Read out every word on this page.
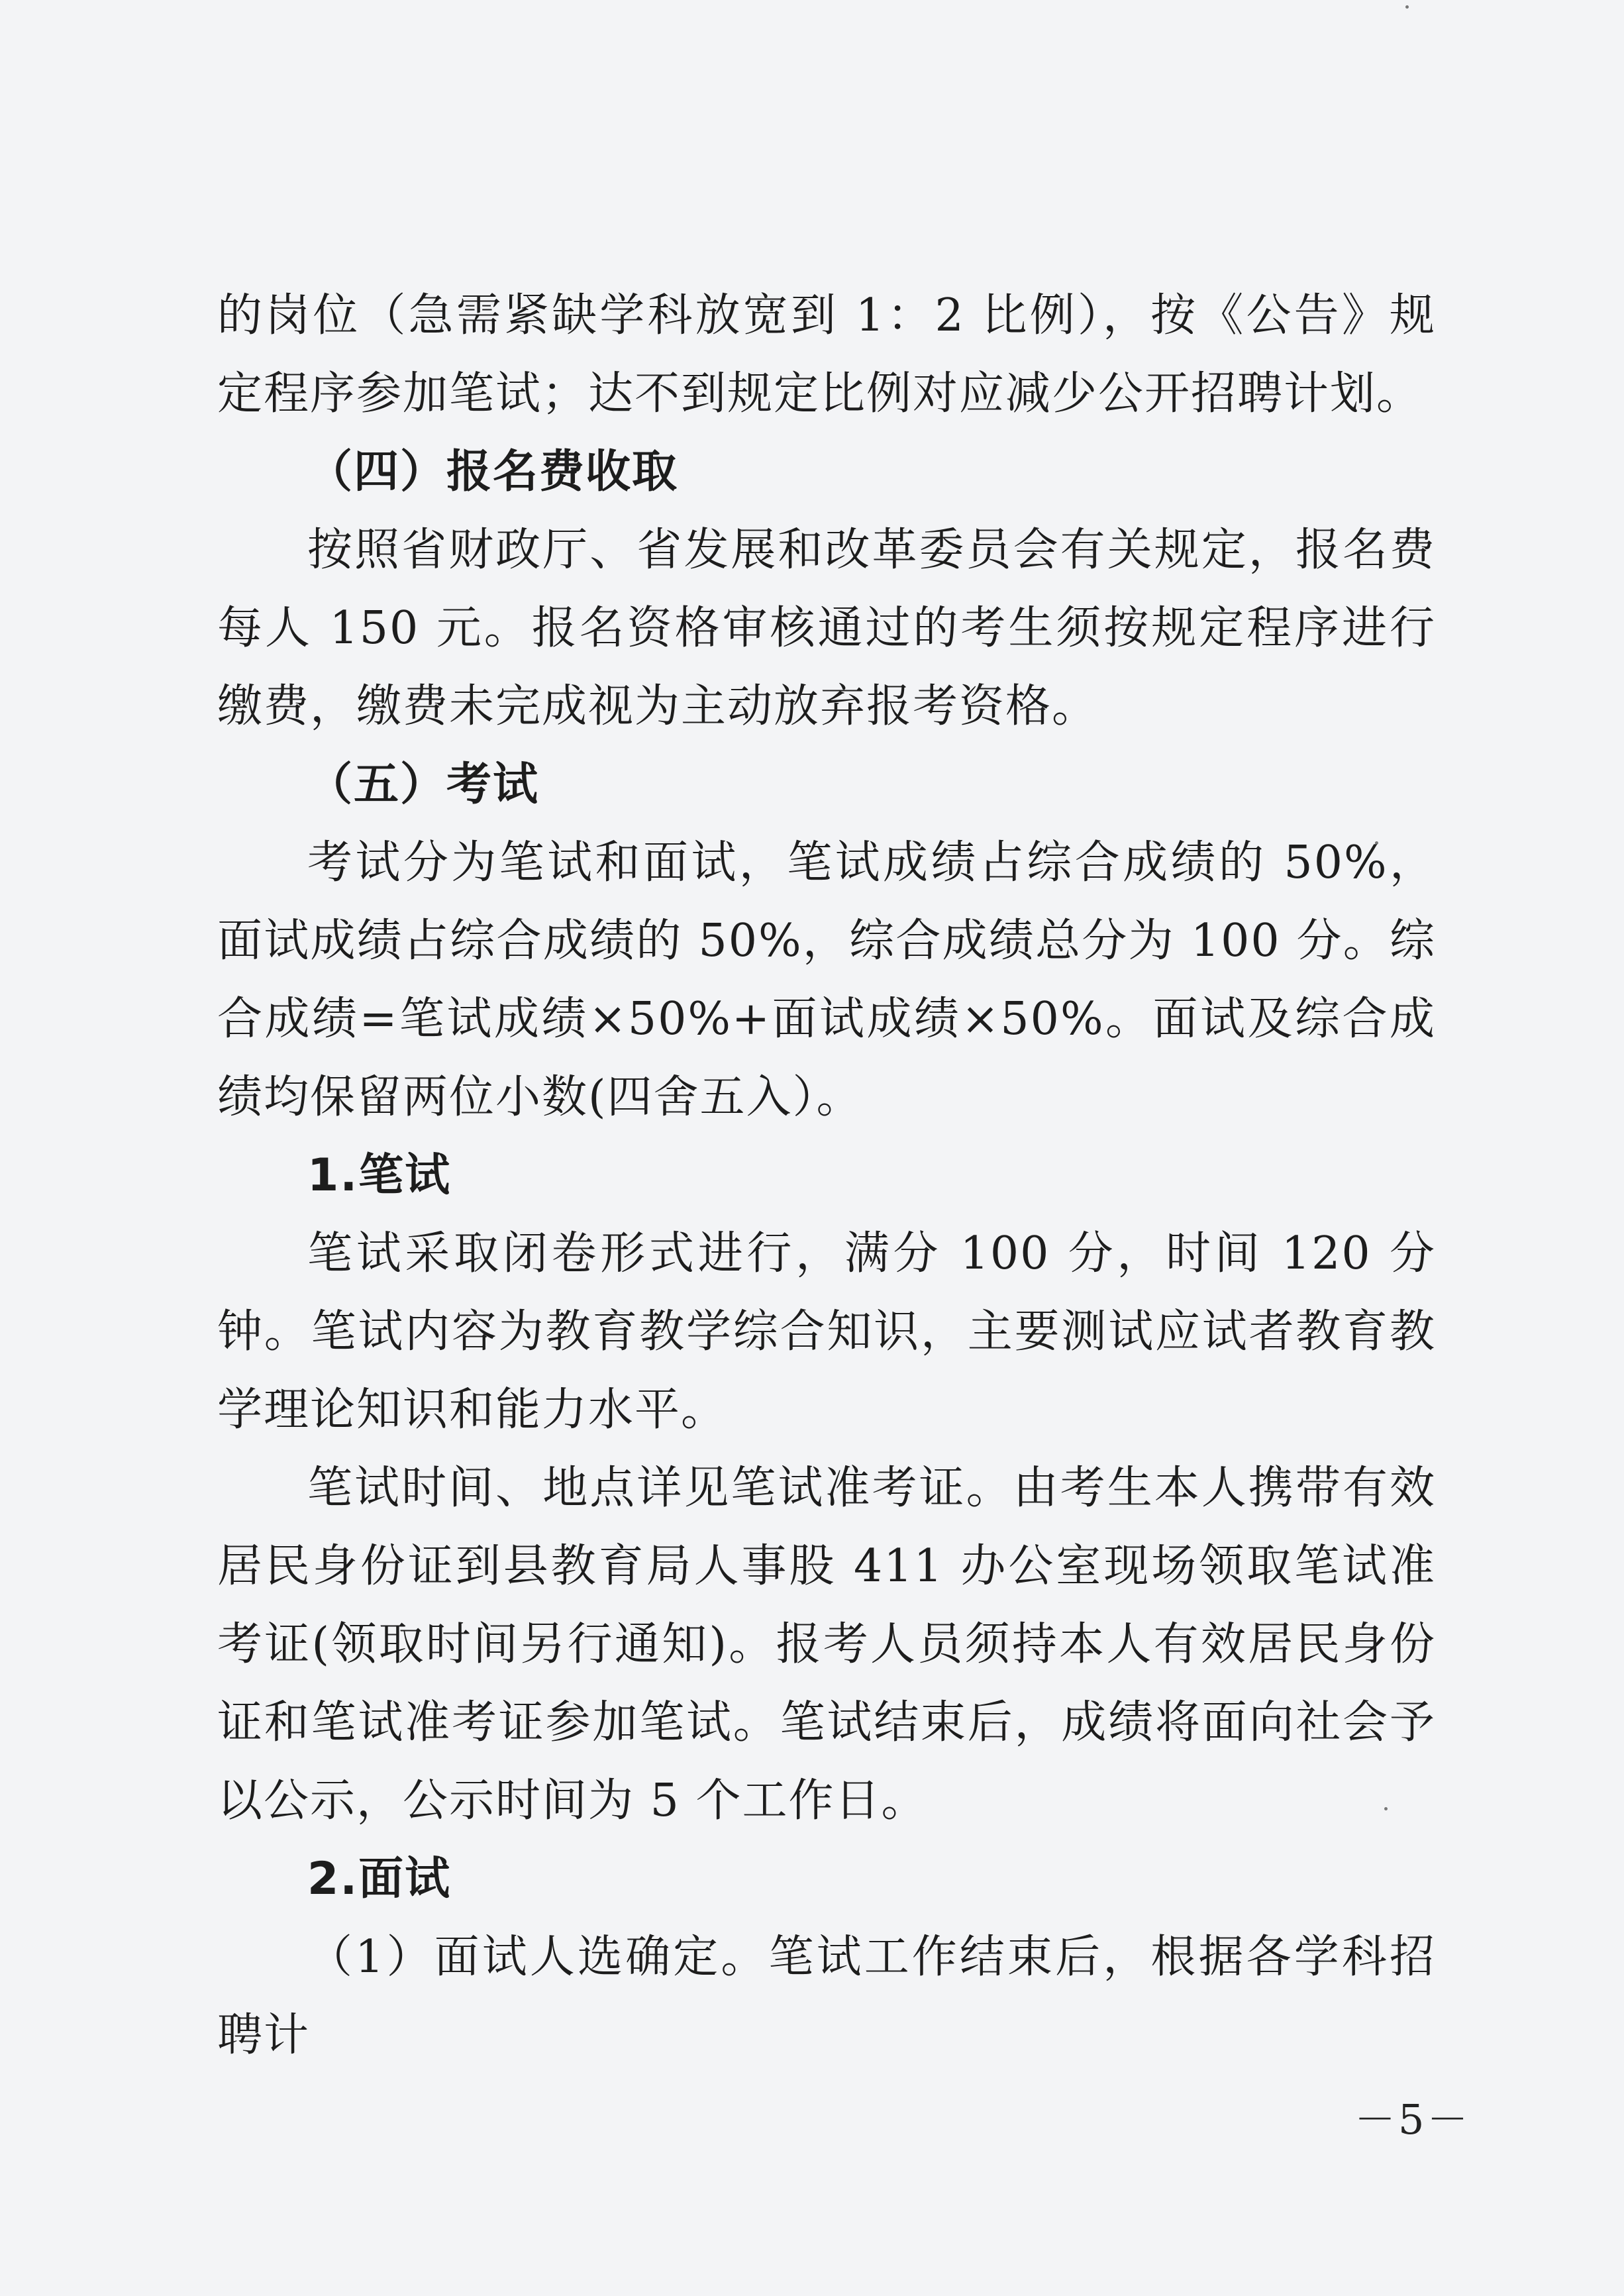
的岗位（急需紧缺学科放宽到 1：2 比例），按《公告》规定程序参加笔试；达不到规定比例对应减少公开招聘计划。

（四）报名费收取

按照省财政厅、省发展和改革委员会有关规定，报名费每人 150 元。报名资格审核通过的考生须按规定程序进行缴费，缴费未完成视为主动放弃报考资格。

（五）考试

考试分为笔试和面试，笔试成绩占综合成绩的 50%，面试成绩占综合成绩的 50%，综合成绩总分为 100 分。综合成绩=笔试成绩×50%+面试成绩×50%。面试及综合成绩均保留两位小数(四舍五入）。

1.笔试

笔试采取闭卷形式进行，满分 100 分，时间 120 分钟。笔试内容为教育教学综合知识，主要测试应试者教育教学理论知识和能力水平。

笔试时间、地点详见笔试准考证。由考生本人携带有效居民身份证到县教育局人事股 411 办公室现场领取笔试准考证(领取时间另行通知)。报考人员须持本人有效居民身份证和笔试准考证参加笔试。笔试结束后，成绩将面向社会予以公示，公示时间为 5 个工作日。

2.面试

（1）面试人选确定。笔试工作结束后，根据各学科招聘计

－5－
